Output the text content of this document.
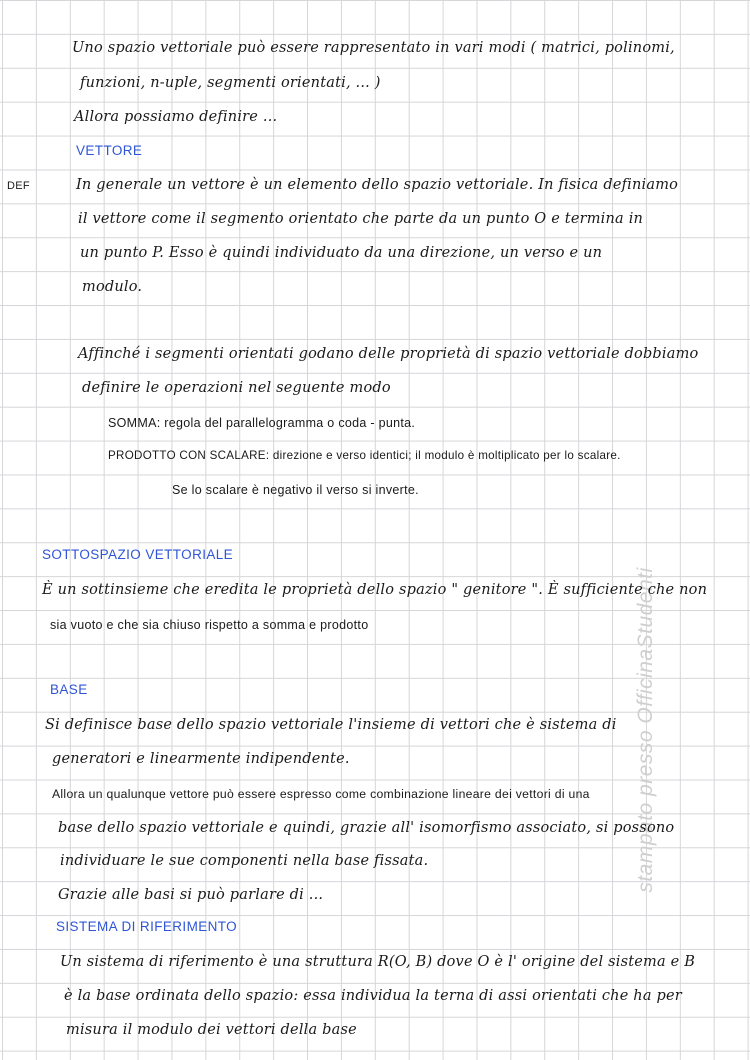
stampato presso OfficinaStudenti
Uno spazio vettoriale può essere rappresentato in vari modi ( matrici, polinomi,
funzioni, n-uple, segmenti orientati, ... )
Allora possiamo definire ...
VETTORE
DEF	In generale un vettore è un elemento dello spazio vettoriale. In fisica definiamo
il vettore come il segmento orientato che parte da un punto O e termina in
un punto P. Esso è quindi individuato da una direzione, un verso e un
modulo.
Affinché i segmenti orientati godano delle proprietà di spazio vettoriale dobbiamo
definire le operazioni nel seguente modo
SOMMA: regola del parallelogramma o coda - punta.
PRODOTTO CON SCALARE: direzione e verso identici; il modulo è moltiplicato per lo scalare.
Se lo scalare è negativo il verso si inverte.
SOTTOSPAZIO VETTORIALE
È un sottinsieme che eredita le proprietà dello spazio " genitore ". È sufficiente che non
sia vuoto e che sia chiuso rispetto a somma e prodotto
BASE
Si definisce base dello spazio vettoriale l'insieme di vettori che è sistema di
generatori e linearmente indipendente.
Allora un qualunque vettore può essere espresso come combinazione lineare dei vettori di una
base dello spazio vettoriale e quindi, grazie all' isomorfismo associato, si possono
individuare le sue componenti nella base fissata.
Grazie alle basi si può parlare di ...
SISTEMA DI RIFERIMENTO
Un sistema di riferimento è una struttura R(O, B) dove O è l' origine del sistema e B
è la base ordinata dello spazio: essa individua la terna di assi orientati che ha per
misura il modulo dei vettori della base
